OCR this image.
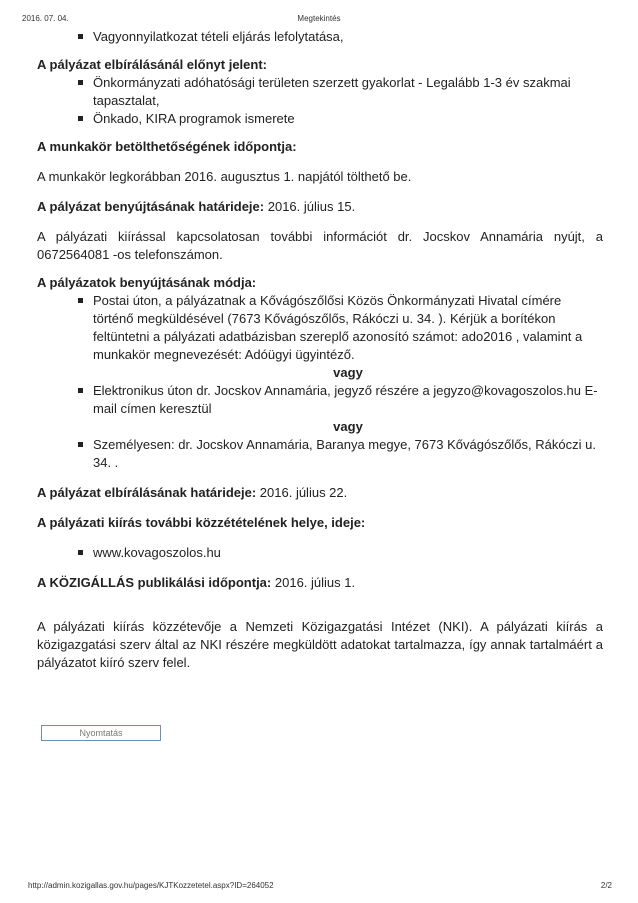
2016. 07. 04.	Megtekintés
Vagyonnyilatkozat tételi eljárás lefolytatása,
A pályázat elbírálásánál előnyt jelent:
Önkormányzati adóhatósági területen szerzett gyakorlat - Legalább 1-3 év szakmai tapasztalat,
Önkado, KIRA programok ismerete
A munkakör betölthetőségének időpontja:
A munkakör legkorábban 2016. augusztus 1. napjától tölthető be.
A pályázat benyújtásának határideje: 2016. július 15.
A pályázati kiírással kapcsolatosan további információt dr. Jocskov Annamária nyújt, a 0672564081 -os telefonszámon.
A pályázatok benyújtásának módja:
Postai úton, a pályázatnak a Kővágószőlősi Közös Önkormányzati Hivatal címére történő megküldésével (7673 Kővágószőlős, Rákóczi u. 34. ). Kérjük a borítékon feltüntetni a pályázati adatbázisban szereplő azonosító számot: ado2016 , valamint a munkakör megnevezését: Adóügyi ügyintéző.
vagy
Elektronikus úton dr. Jocskov Annamária, jegyző részére a jegyzo@kovagoszolos.hu E-mail címen keresztül
vagy
Személyesen: dr. Jocskov Annamária, Baranya megye, 7673 Kővágószőlős, Rákóczi u. 34. .
A pályázat elbírálásának határideje: 2016. július 22.
A pályázati kiírás további közzétételének helye, ideje:
www.kovagoszolos.hu
A KÖZIGÁLLÁS publikálási időpontja: 2016. július 1.
A pályázati kiírás közzétevője a Nemzeti Közigazgatási Intézet (NKI). A pályázati kiírás a közigazgatási szerv által az NKI részére megküldött adatokat tartalmazza, így annak tartalmáért a pályázatot kiíró szerv felel.
Nyomtatás
http://admin.kozigallas.gov.hu/pages/KJTKozzetetel.aspx?ID=264052	2/2
